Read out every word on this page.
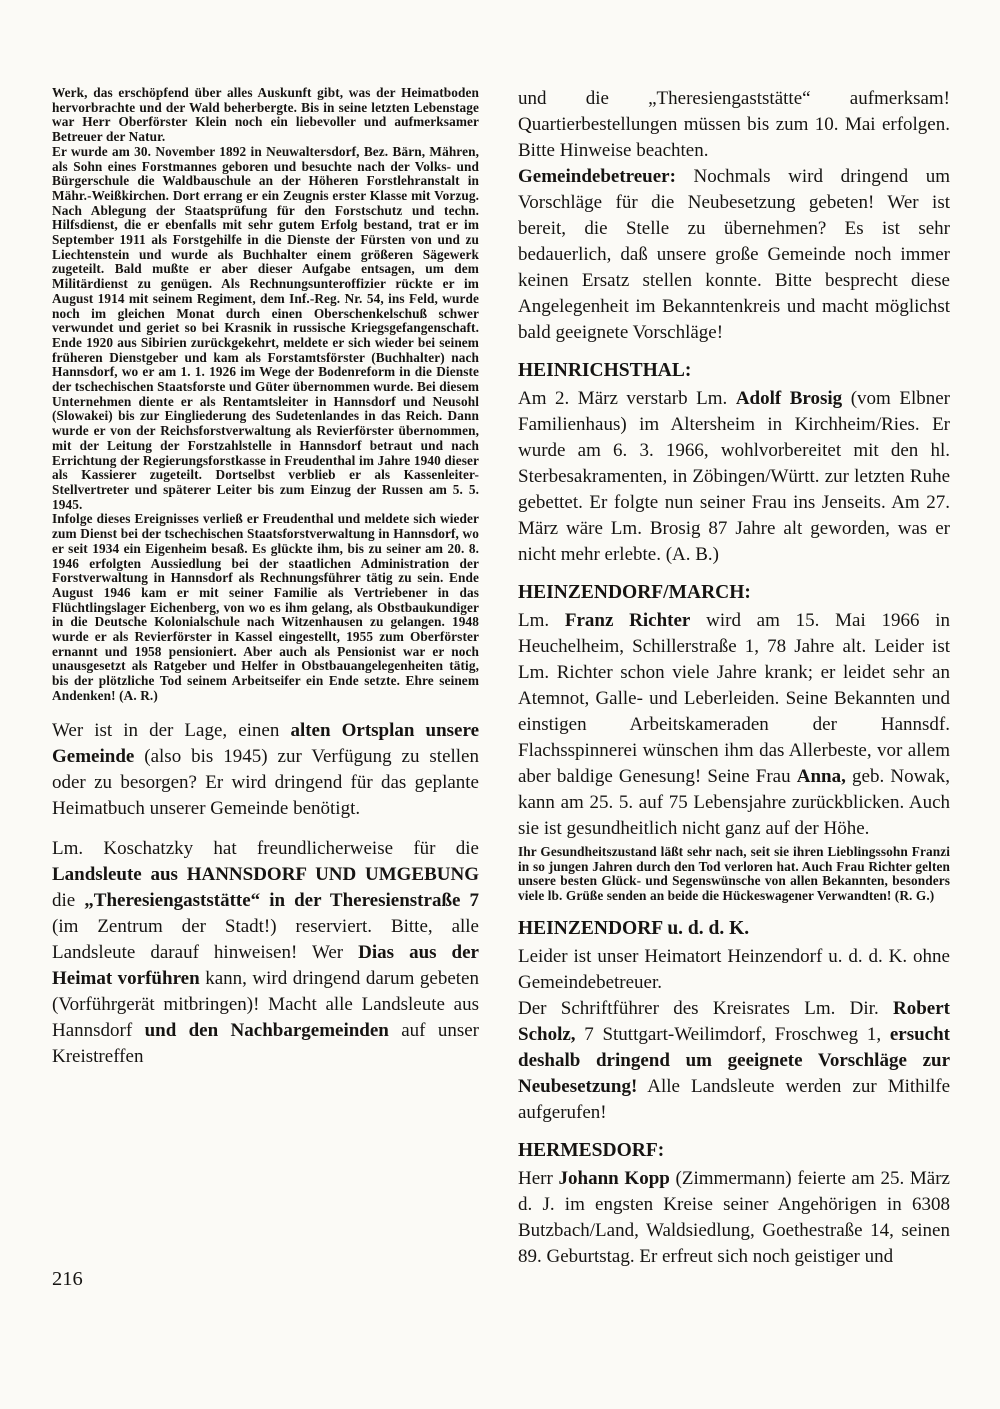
Werk, das erschöpfend über alles Auskunft gibt, was der Heimatboden hervorbrachte und der Wald beherbergte. Bis in seine letzten Lebenstage war Herr Oberförster Klein noch ein liebevoller und aufmerksamer Betreuer der Natur.

Er wurde am 30. November 1892 in Neuwaltersdorf, Bez. Bärn, Mähren, als Sohn eines Forstmannes geboren und besuchte nach der Volks- und Bürgerschule die Waldbauschule an der Höheren Forstlehranstalt in Mähr.-Weißkirchen. Dort errang er ein Zeugnis erster Klasse mit Vorzug. Nach Ablegung der Staatsprüfung für den Forstschutz und techn. Hilfsdienst, die er ebenfalls mit sehr gutem Erfolg bestand, trat er im September 1911 als Forstgehilfe in die Dienste der Fürsten von und zu Liechtenstein und wurde als Buchhalter einem größeren Sägewerk zugeteilt. Bald mußte er aber dieser Aufgabe entsagen, um dem Militärdienst zu genügen. Als Rechnungsunteroffizier rückte er im August 1914 mit seinem Regiment, dem Inf.-Reg. Nr. 54, ins Feld, wurde noch im gleichen Monat durch einen Oberschenkelschuß schwer verwundet und geriet so bei Krasnik in russische Kriegsgefangenschaft. Ende 1920 aus Sibirien zurückgekehrt, meldete er sich wieder bei seinem früheren Dienstgeber und kam als Forstamtsförster (Buchhalter) nach Hannsdorf, wo er am 1. 1. 1926 im Wege der Bodenreform in die Dienste der tschechischen Staatsforste und Güter übernommen wurde. Bei diesem Unternehmen diente er als Rentamtsleiter in Hannsdorf und Neusohl (Slowakei) bis zur Eingliederung des Sudetenlandes in das Reich. Dann wurde er von der Reichsforstverwaltung als Revierförster übernommen, mit der Leitung der Forstzahlstelle in Hannsdorf betraut und nach Errichtung der Regierungsforstkasse in Freudenthal im Jahre 1940 dieser als Kassierer zugeteilt. Dortselbst verblieb er als Kassenleiter-Stellvertreter und späterer Leiter bis zum Einzug der Russen am 5. 5. 1945.

Infolge dieses Ereignisses verließ er Freudenthal und meldete sich wieder zum Dienst bei der tschechischen Staatsforstverwaltung in Hannsdorf, wo er seit 1934 ein Eigenheim besaß. Es glückte ihm, bis zu seiner am 20. 8. 1946 erfolgten Aussiedlung bei der staatlichen Administration der Forstverwaltung in Hannsdorf als Rechnungsführer tätig zu sein. Ende August 1946 kam er mit seiner Familie als Vertriebener in das Flüchtlingslager Eichenberg, von wo es ihm gelang, als Obstbaukundiger in die Deutsche Kolonialschule nach Witzenhausen zu gelangen. 1948 wurde er als Revierförster in Kassel eingestellt, 1955 zum Oberförster ernannt und 1958 pensioniert. Aber auch als Pensionist war er noch unausgesetzt als Ratgeber und Helfer in Obstbauangelegenheiten tätig, bis der plötzliche Tod seinem Arbeitseifer ein Ende setzte. Ehre seinem Andenken! (A. R.)

Wer ist in der Lage, einen alten Ortsplan unsere Gemeinde (also bis 1945) zur Verfügung zu stellen oder zu besorgen? Er wird dringend für das geplante Heimatbuch unserer Gemeinde benötigt.

Lm. Koschatzky hat freundlicherweise für die Landsleute aus HANNSDORF UND UMGEBUNG die „Theresiengaststätte“ in der Theresienstraße 7 (im Zentrum der Stadt!) reserviert. Bitte, alle Landsleute darauf hinweisen! Wer Dias aus der Heimat vorführen kann, wird dringend darum gebeten (Vorführgerät mitbringen)! Macht alle Landsleute aus Hannsdorf und den Nachbargemeinden auf unser Kreistreffen

und die „Theresiengaststätte“ aufmerksam! Quartierbestellungen müssen bis zum 10. Mai erfolgen. Bitte Hinweise beachten.

Gemeindebetreuer: Nochmals wird dringend um Vorschläge für die Neubesetzung gebeten! Wer ist bereit, die Stelle zu übernehmen? Es ist sehr bedauerlich, daß unsere große Gemeinde noch immer keinen Ersatz stellen konnte. Bitte besprecht diese Angelegenheit im Bekanntenkreis und macht möglichst bald geeignete Vorschläge!

HEINRICHSTHAL:

Am 2. März verstarb Lm. Adolf Brosig (vom Elbner Familienhaus) im Altersheim in Kirchheim/Ries. Er wurde am 6. 3. 1966, wohlvorbereitet mit den hl. Sterbesakramenten, in Zöbingen/Württ. zur letzten Ruhe gebettet. Er folgte nun seiner Frau ins Jenseits. Am 27. März wäre Lm. Brosig 87 Jahre alt geworden, was er nicht mehr erlebte. (A. B.)

HEINZENDORF/MARCH:

Lm. Franz Richter wird am 15. Mai 1966 in Heuchelheim, Schillerstraße 1, 78 Jahre alt. Leider ist Lm. Richter schon viele Jahre krank; er leidet sehr an Atemnot, Galle- und Leberleiden. Seine Bekannten und einstigen Arbeitskameraden der Hannsdf. Flachsspinnerei wünschen ihm das Allerbeste, vor allem aber baldige Genesung! Seine Frau Anna, geb. Nowak, kann am 25. 5. auf 75 Lebensjahre zurückblicken. Auch sie ist gesundheitlich nicht ganz auf der Höhe.

Ihr Gesundheitszustand läßt sehr nach, seit sie ihren Lieblingssohn Franzi in so jungen Jahren durch den Tod verloren hat. Auch Frau Richter gelten unsere besten Glück- und Segenswünsche von allen Bekannten, besonders viele lb. Grüße senden an beide die Hückeswagener Verwandten! (R. G.)

HEINZENDORF u. d. d. K.

Leider ist unser Heimatort Heinzendorf u. d. d. K. ohne Gemeindebetreuer.

Der Schriftführer des Kreisrates Lm. Dir. Robert Scholz, 7 Stuttgart-Weilimdorf, Froschweg 1, ersucht deshalb dringend um geeignete Vorschläge zur Neubesetzung! Alle Landsleute werden zur Mithilfe aufgerufen!

HERMESDORF:

Herr Johann Kopp (Zimmermann) feierte am 25. März d. J. im engsten Kreise seiner Angehörigen in 6308 Butzbach/Land, Waldsiedlung, Goethestraße 14, seinen 89. Geburtstag. Er erfreut sich noch geistiger und

216
